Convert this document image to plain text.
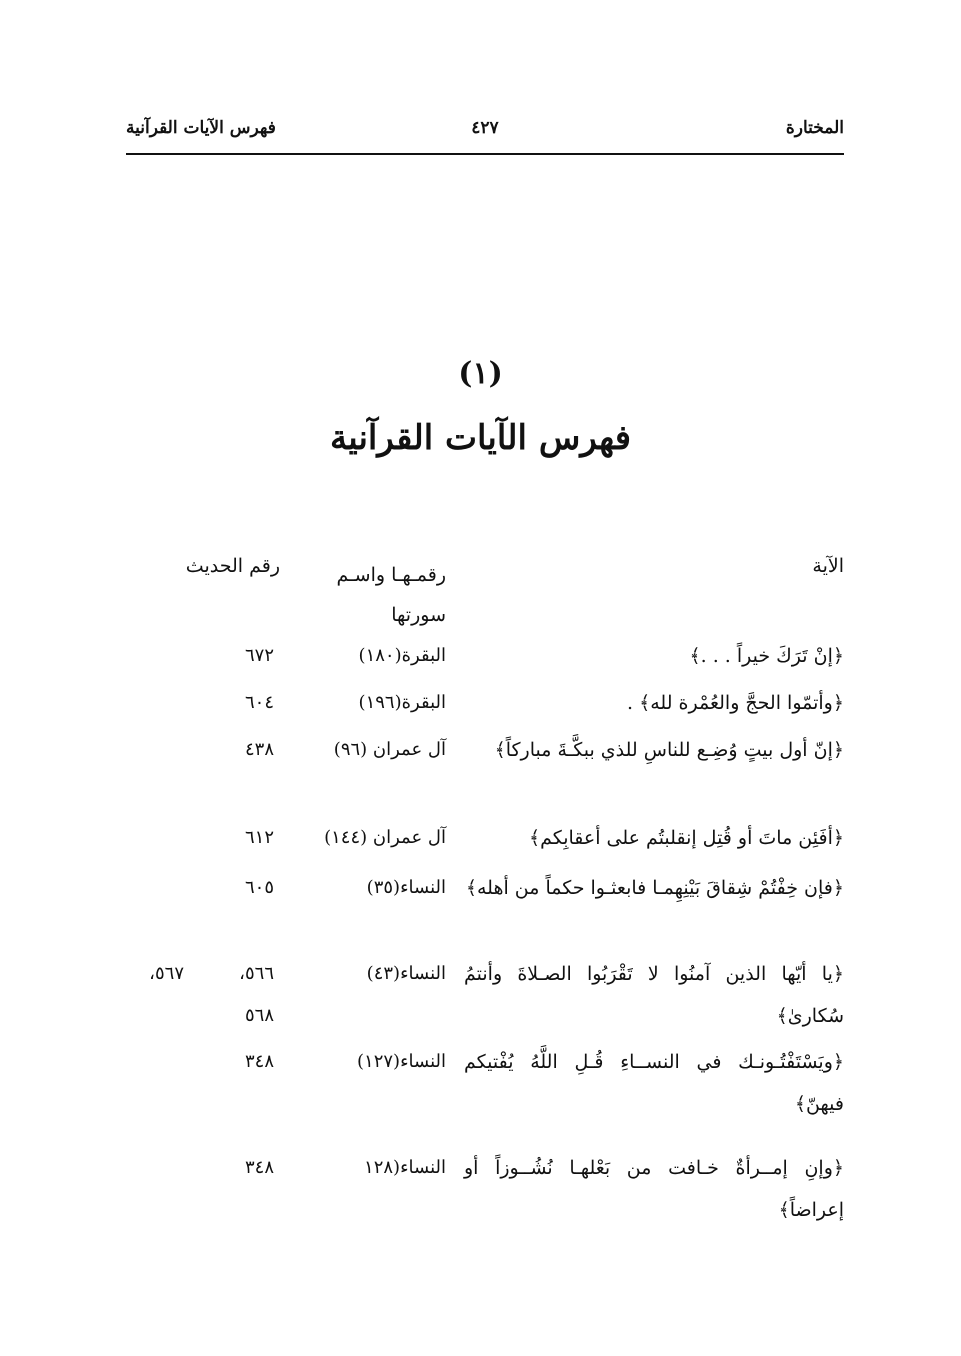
المختارة
٤٢٧
فهرس الآيات القرآنية
(١)
فهرس الآيات القرآنية
الآية
رقمـهـا واسـم سورتها
رقم الحديث
﴿إنْ تَرَكَ خيراً . . .﴾
البقرة(١٨٠)
٦٧٢
﴿وأتمّوا الحجَّ والعُمْرة لله﴾ .
البقرة(١٩٦)
٦٠٤
﴿إنّ أول بيتٍ وُضِـع للناسِ للذي ببكَّـةَ مباركاً﴾
آل عمران (٩٦)
٤٣٨
﴿أفَئِن ماتَ أو قُتِل إنقلبتُم على أعقابِكم﴾
آل عمران (١٤٤)
٦١٢
﴿فإن خِفْتُمْ شِقاقَ بَيْنِهِمـا فابعثـوا حكماً من أهله﴾
النساء(٣٥)
٦٠٥
﴿يا أيّها الذين آمنُوا لا تَقْرَبُوا الصـلاةَ وأنتمُ سُكارىٰ﴾
النساء(٤٣)
٥٦٦، ٥٦٨
٥٦٧،
﴿ويَسْتَفْتُـونـك في النســاءِ قُـلِ اللَّهُ يُفْتيكم فيهنّ﴾
النساء(١٢٧)
٣٤٨
﴿وإنِ إمــرأةٌ خـافت من بَعْلهـا نُشُــوزاً أو إعراضاً﴾
النساء(١٢٨
٣٤٨
